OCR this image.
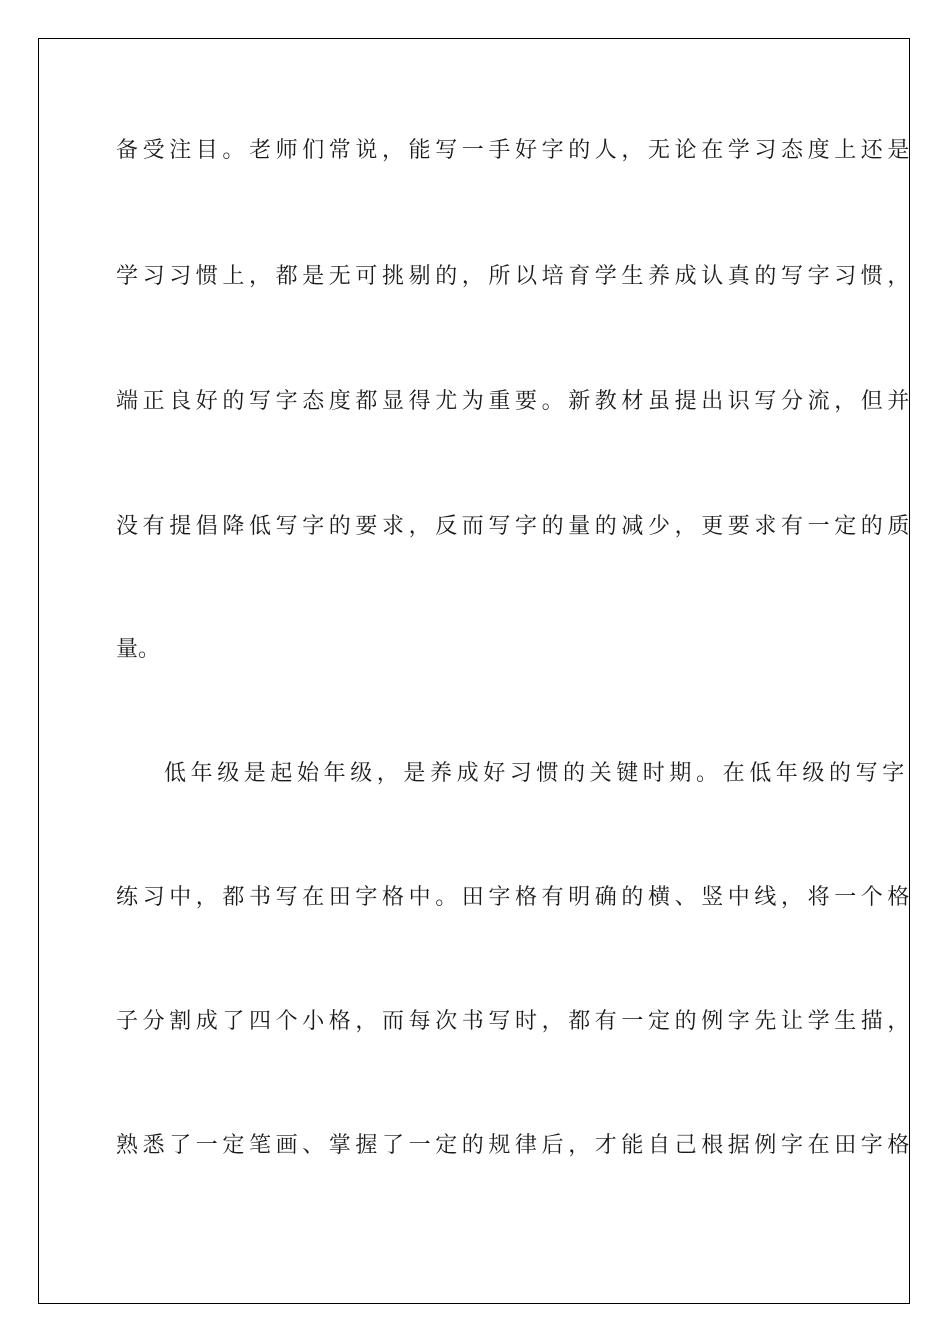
备受注目。老师们常说，能写一手好字的人，无论在学习态度上还是
学习习惯上，都是无可挑剔的，所以培育学生养成认真的写字习惯，
端正良好的写字态度都显得尤为重要。新教材虽提出识写分流，但并
没有提倡降低写字的要求，反而写字的量的减少，更要求有一定的质
量。
低年级是起始年级，是养成好习惯的关键时期。在低年级的写字
练习中，都书写在田字格中。田字格有明确的横、竖中线，将一个格
子分割成了四个小格，而每次书写时，都有一定的例字先让学生描，
熟悉了一定笔画、掌握了一定的规律后，才能自己根据例字在田字格
